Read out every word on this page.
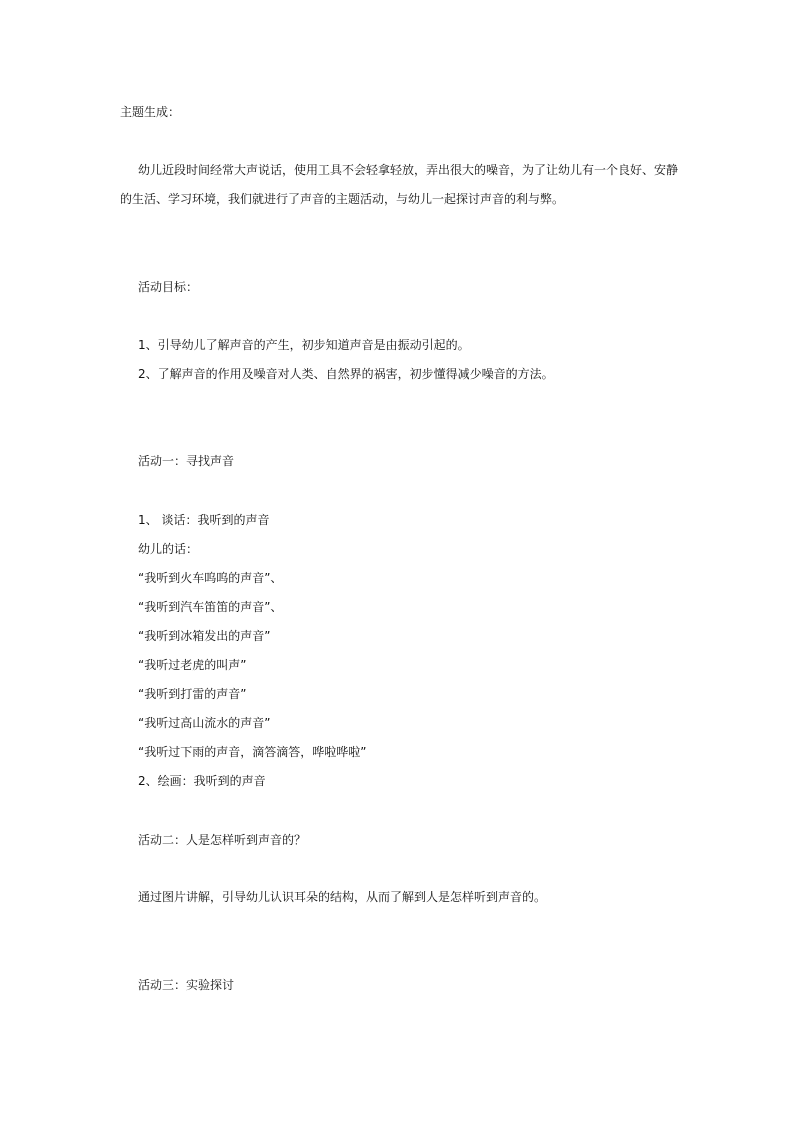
主题生成：
幼儿近段时间经常大声说话，使用工具不会轻拿轻放，弄出很大的噪音，为了让幼儿有一个良好、安静
的生活、学习环境，我们就进行了声音的主题活动，与幼儿一起探讨声音的利与弊。
活动目标：
1、引导幼儿了解声音的产生，初步知道声音是由振动引起的。
2、了解声音的作用及噪音对人类、自然界的祸害，初步懂得减少噪音的方法。
活动一：寻找声音
1、 谈话：我听到的声音
幼儿的话：
“我听到火车呜呜的声音”、
“我听到汽车笛笛的声音”、
“我听到冰箱发出的声音”
“我听过老虎的叫声”
“我听到打雷的声音”
“我听过高山流水的声音”
“我听过下雨的声音，滴答滴答，哗啦哗啦”
2、绘画：我听到的声音
活动二：人是怎样听到声音的？
通过图片讲解，引导幼儿认识耳朵的结构，从而了解到人是怎样听到声音的。
活动三：实验探讨
